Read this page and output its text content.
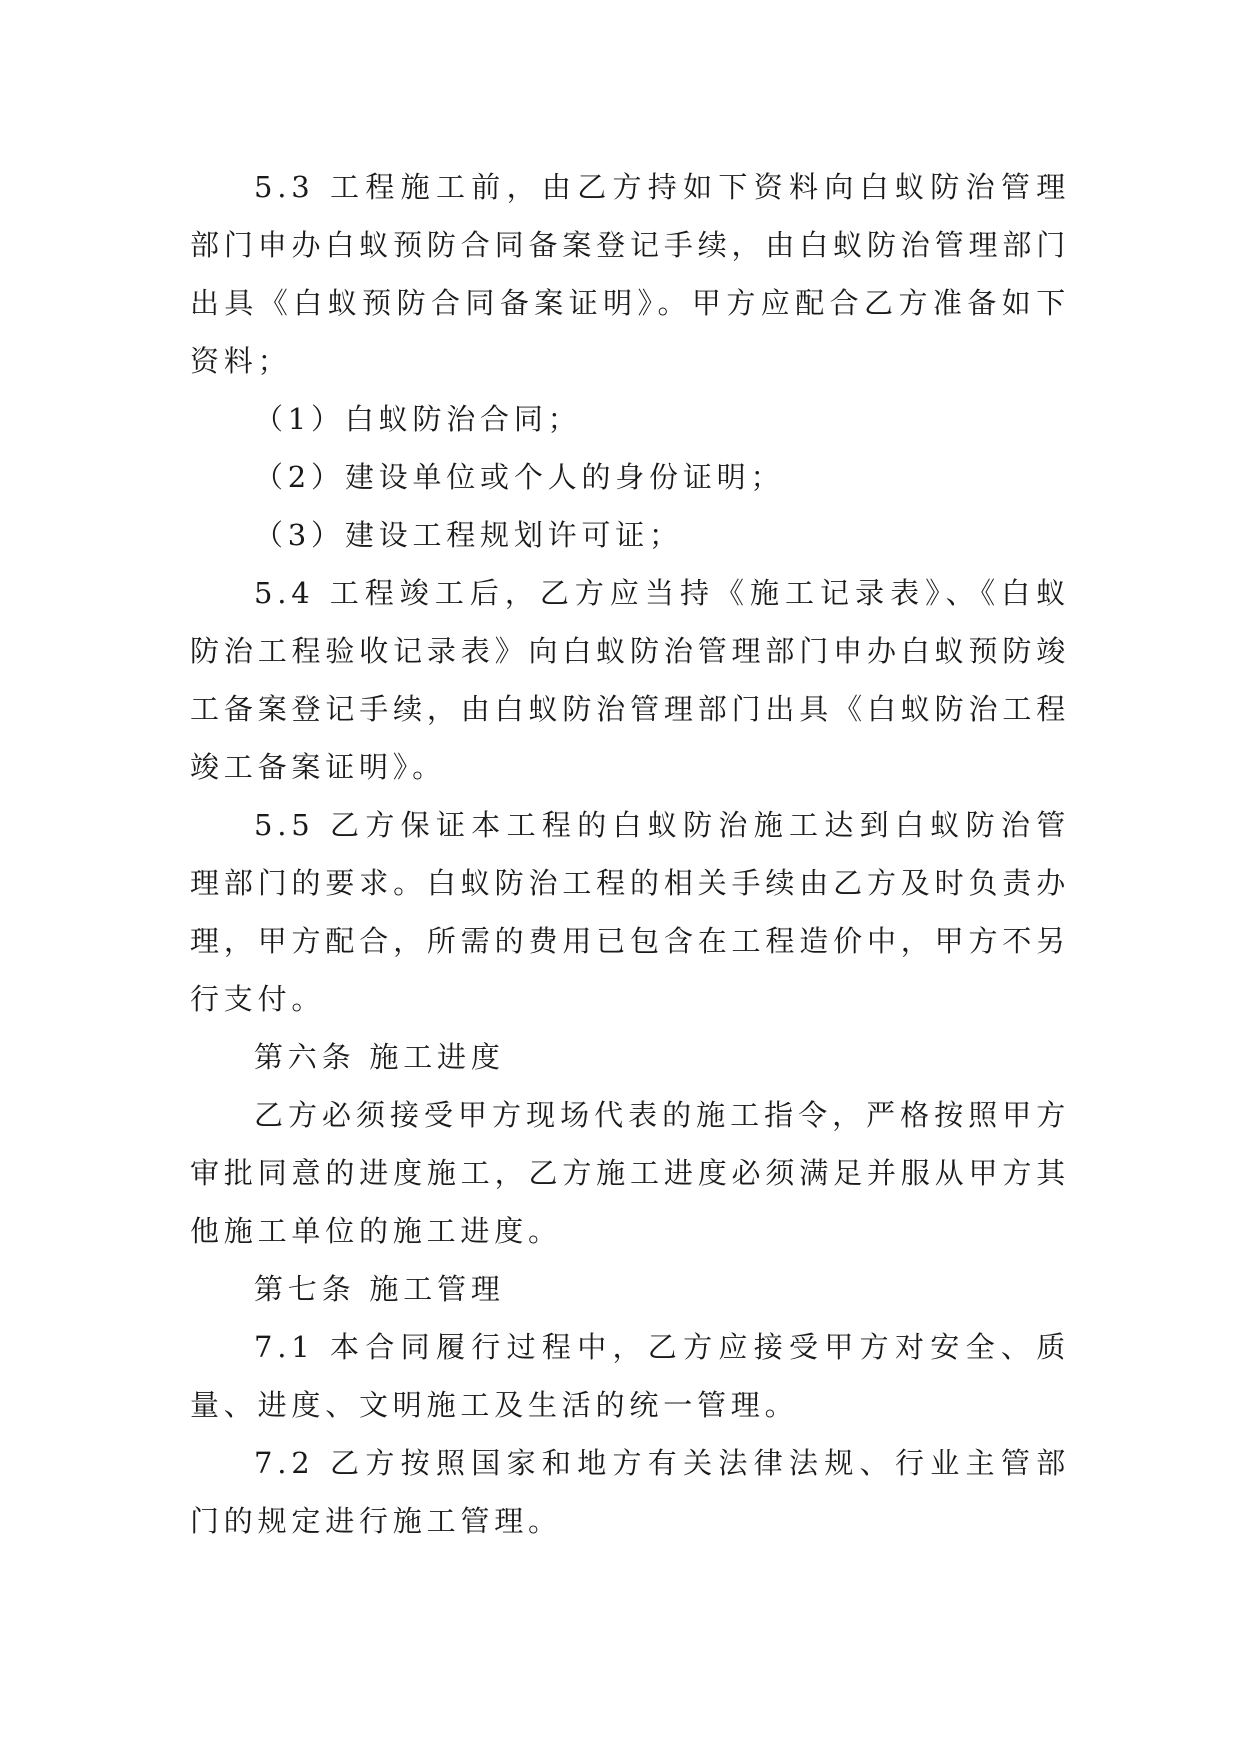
5.3 工程施工前，由乙方持如下资料向白蚁防治管理部门申办白蚁预防合同备案登记手续，由白蚁防治管理部门出具《白蚁预防合同备案证明》。甲方应配合乙方准备如下资料；

（1）白蚁防治合同；

（2）建设单位或个人的身份证明；

（3）建设工程规划许可证；

5.4 工程竣工后，乙方应当持《施工记录表》、《白蚁防治工程验收记录表》向白蚁防治管理部门申办白蚁预防竣工备案登记手续，由白蚁防治管理部门出具《白蚁防治工程竣工备案证明》。

5.5 乙方保证本工程的白蚁防治施工达到白蚁防治管理部门的要求。白蚁防治工程的相关手续由乙方及时负责办理，甲方配合，所需的费用已包含在工程造价中，甲方不另行支付。

第六条 施工进度

乙方必须接受甲方现场代表的施工指令，严格按照甲方审批同意的进度施工，乙方施工进度必须满足并服从甲方其他施工单位的施工进度。

第七条 施工管理

7.1 本合同履行过程中，乙方应接受甲方对安全、质量、进度、文明施工及生活的统一管理。

7.2 乙方按照国家和地方有关法律法规、行业主管部门的规定进行施工管理。
